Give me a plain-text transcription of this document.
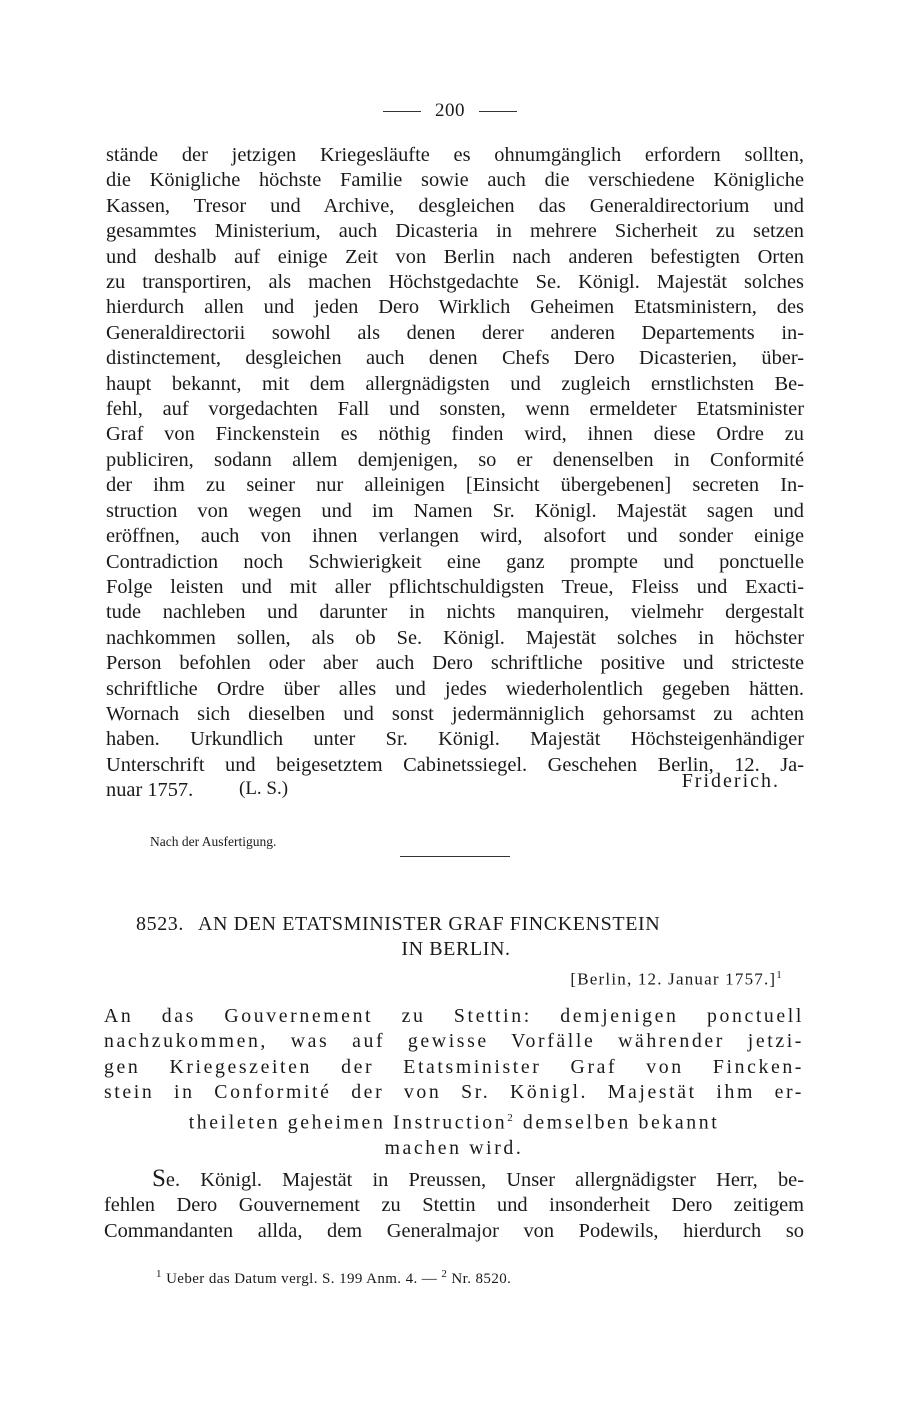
200
stände der jetzigen Kriegesläufte es ohnumgänglich erfordern sollten,
die Königliche höchste Familie sowie auch die verschiedene Königliche
Kassen, Tresor und Archive, desgleichen das Generaldirectorium und
gesammtes Ministerium, auch Dicasteria in mehrere Sicherheit zu setzen
und deshalb auf einige Zeit von Berlin nach anderen befestigten Orten
zu transportiren, als machen Höchstgedachte Se. Königl. Majestät solches
hierdurch allen und jeden Dero Wirklich Geheimen Etatsministern, des
Generaldirectorii sowohl als denen derer anderen Departements in-
distinctement, desgleichen auch denen Chefs Dero Dicasterien, über-
haupt bekannt, mit dem allergnädigsten und zugleich ernstlichsten Be-
fehl, auf vorgedachten Fall und sonsten, wenn ermeldeter Etatsminister
Graf von Finckenstein es nöthig finden wird, ihnen diese Ordre zu
publiciren, sodann allem demjenigen, so er denenselben in Conformité
der ihm zu seiner nur alleinigen [Einsicht übergebenen] secreten In-
struction von wegen und im Namen Sr. Königl. Majestät sagen und
eröffnen, auch von ihnen verlangen wird, alsofort und sonder einige
Contradiction noch Schwierigkeit eine ganz prompte und ponctuelle
Folge leisten und mit aller pflichtschuldigsten Treue, Fleiss und Exacti-
tude nachleben und darunter in nichts manquiren, vielmehr dergestalt
nachkommen sollen, als ob Se. Königl. Majestät solches in höchster
Person befohlen oder aber auch Dero schriftliche positive und strictestе
schriftliche Ordre über alles und jedes wiederholentlich gegeben hätten.
Wornach sich dieselben und sonst jedermänniglich gehorsamst zu achten
haben. Urkundlich unter Sr. Königl. Majestät Höchsteigenhändiger
Unterschrift und beigesetztem Cabinetssiegel. Geschehen Berlin, 12. Ja-
nuar 1757.	(L. S.)	Friderich.
Nach der Ausfertigung.
8523. AN DEN ETATSMINISTER GRAF FINCKENSTEIN
IN BERLIN.
[Berlin, 12. Januar 1757.]$^1$
An das Gouvernement zu Stettin: demjenigen ponctuell
nachzukommen, was auf gewisse Vorfälle währender jetzi-
gen Kriegeszeiten der Etatsminister Graf von Fincken-
stein in Conformité der von Sr. Königl. Majestät ihm er-
theileten geheimen Instruction$^2$ demselben bekannt
machen wird.
Se. Königl. Majestät in Preussen, Unser allergnädigster Herr, be-
fehlen Dero Gouvernement zu Stettin und insonderheit Dero zeitigem
Commandanten allda, dem Generalmajor von Podewils, hierdurch so
$^1$ Ueber das Datum vergl. S. 199 Anm. 4. — $^2$ Nr. 8520.
